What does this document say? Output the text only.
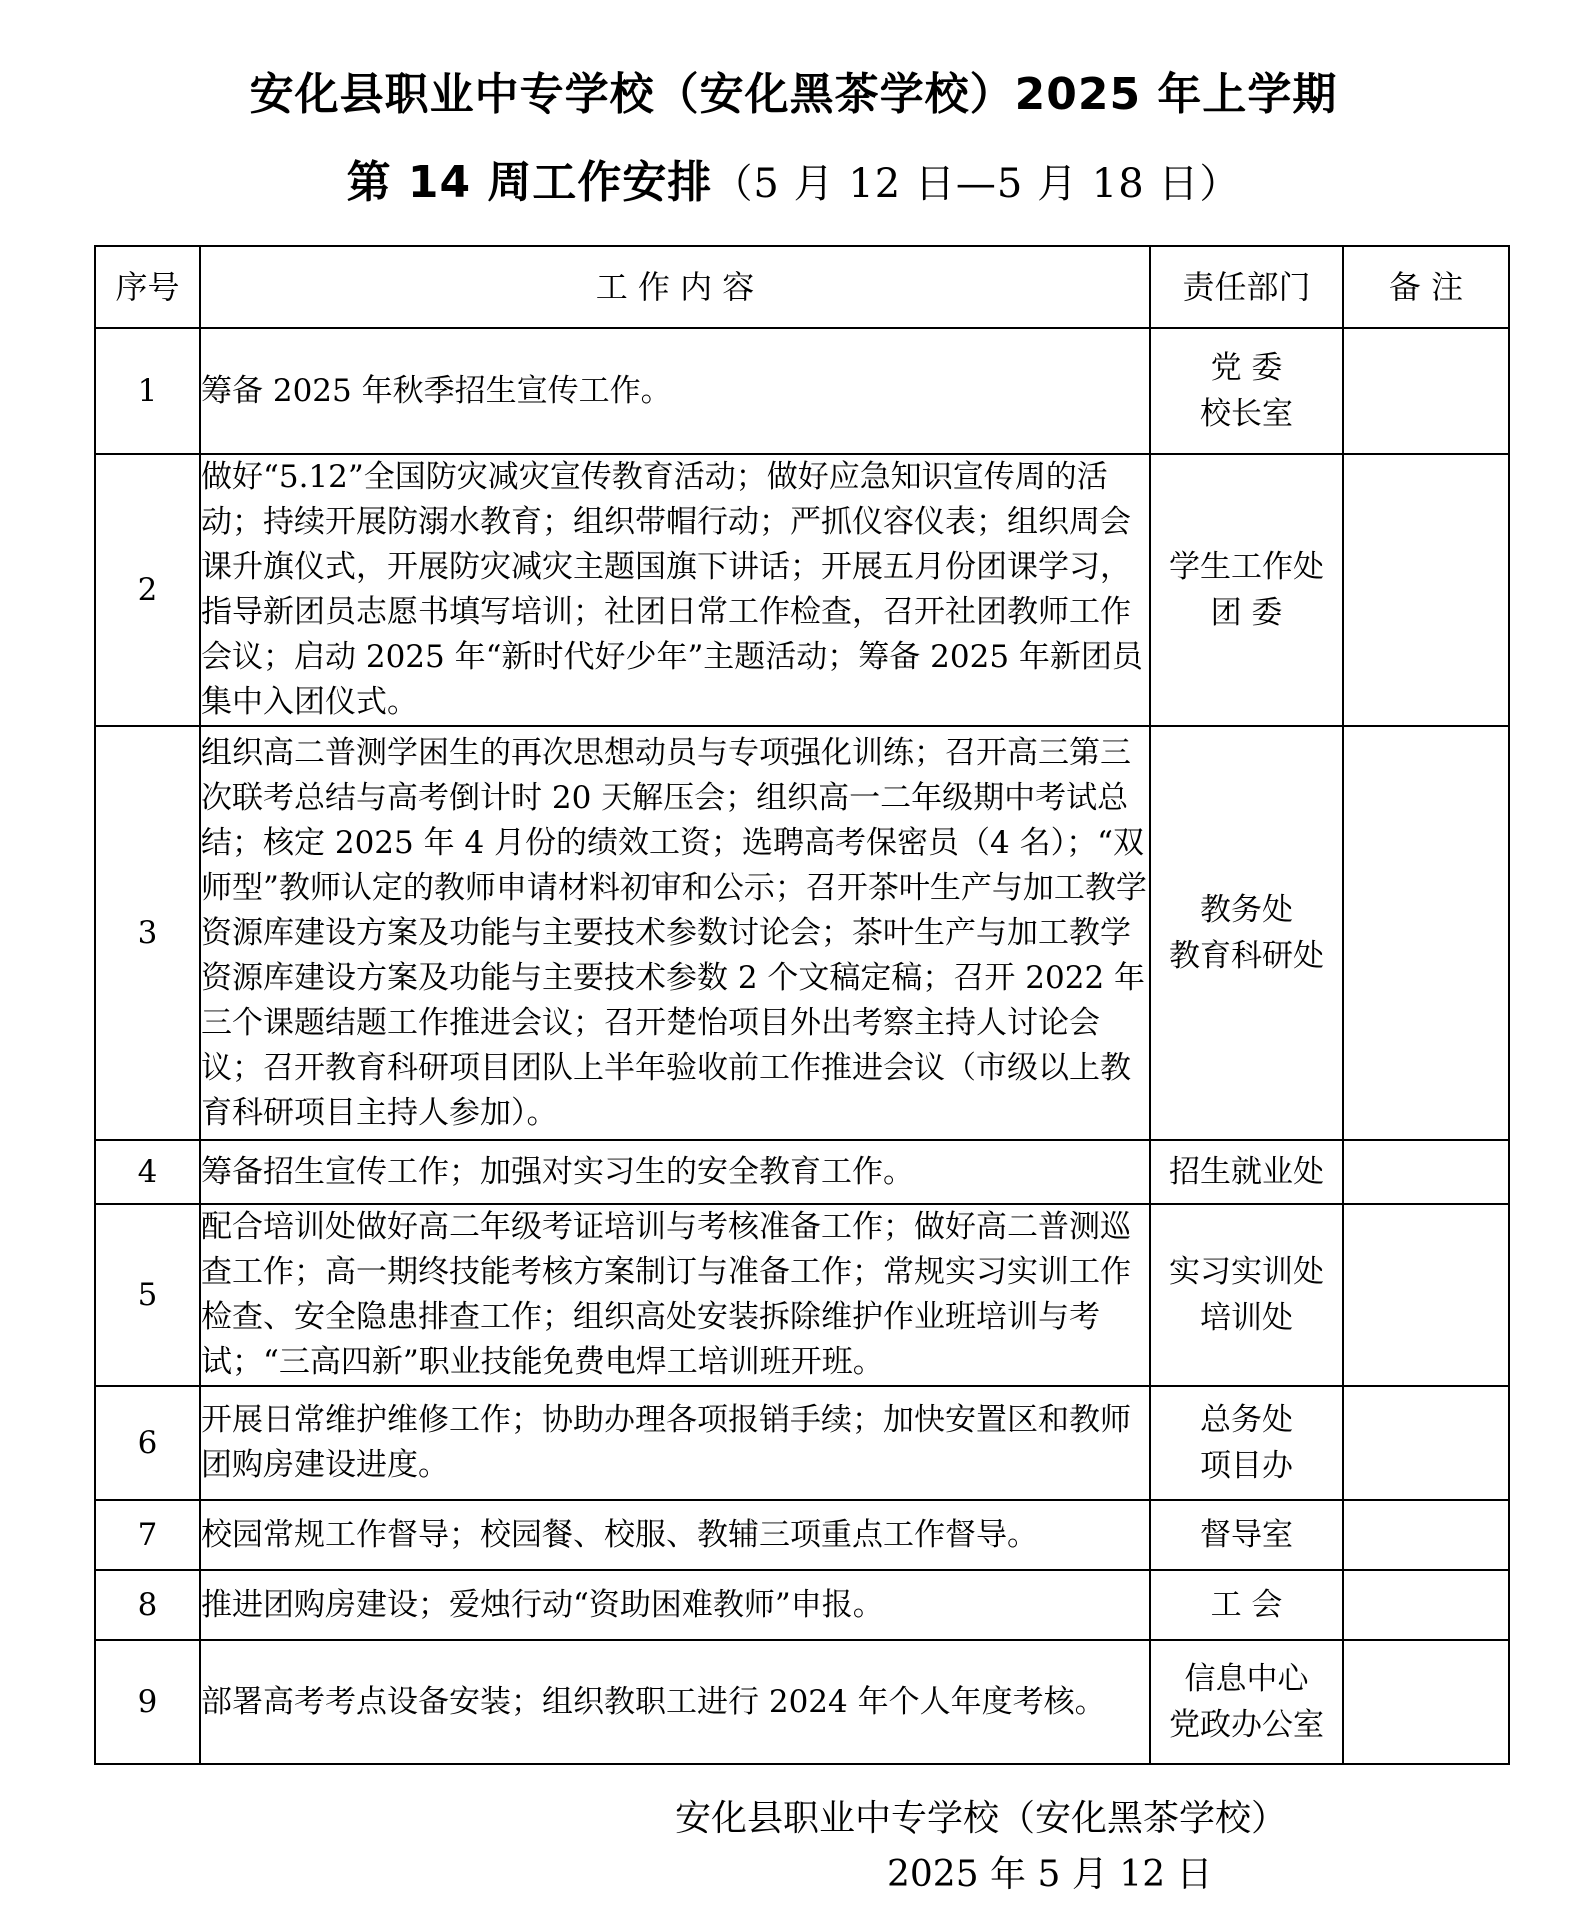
安化县职业中专学校（安化黑茶学校）2025 年上学期
第 14 周工作安排（5 月 12 日—5 月 18 日）
序号	工 作 内 容	责任部门	备 注
1	筹备 2025 年秋季招生宣传工作。	党 委
校长室	

2	做好“5.12”全国防灾减灾宣传教育活动；做好应急知识宣传周的活动；持续开展防溺水教育；组织带帽行动；严抓仪容仪表；组织周会课升旗仪式，开展防灾减灾主题国旗下讲话；开展五月份团课学习，指导新团员志愿书填写培训；社团日常工作检查，召开社团教师工作会议；启动 2025 年“新时代好少年”主题活动；筹备 2025 年新团员集中入团仪式。	学生工作处
团 委	

3	组织高二普测学困生的再次思想动员与专项强化训练；召开高三第三次联考总结与高考倒计时 20 天解压会；组织高一二年级期中考试总结；核定 2025 年 4 月份的绩效工资；选聘高考保密员（4 名）；“双师型”教师认定的教师申请材料初审和公示；召开茶叶生产与加工教学资源库建设方案及功能与主要技术参数讨论会；茶叶生产与加工教学资源库建设方案及功能与主要技术参数 2 个文稿定稿；召开 2022 年三个课题结题工作推进会议；召开楚怡项目外出考察主持人讨论会议；召开教育科研项目团队上半年验收前工作推进会议（市级以上教育科研项目主持人参加）。	教务处
教育科研处	

4	筹备招生宣传工作；加强对实习生的安全教育工作。	招生就业处	

5	配合培训处做好高二年级考证培训与考核准备工作；做好高二普测巡查工作；高一期终技能考核方案制订与准备工作；常规实习实训工作检查、安全隐患排查工作；组织高处安装拆除维护作业班培训与考试；“三高四新”职业技能免费电焊工培训班开班。	实习实训处
培训处	

6	开展日常维护维修工作；协助办理各项报销手续；加快安置区和教师团购房建设进度。	总务处
项目办	

7	校园常规工作督导；校园餐、校服、教辅三项重点工作督导。	督导室	

8	推进团购房建设；爱烛行动“资助困难教师”申报。	工 会	

9	部署高考考点设备安装；组织教职工进行 2024 年个人年度考核。	信息中心
党政办公室	

安化县职业中专学校（安化黑茶学校）
2025 年 5 月 12 日
